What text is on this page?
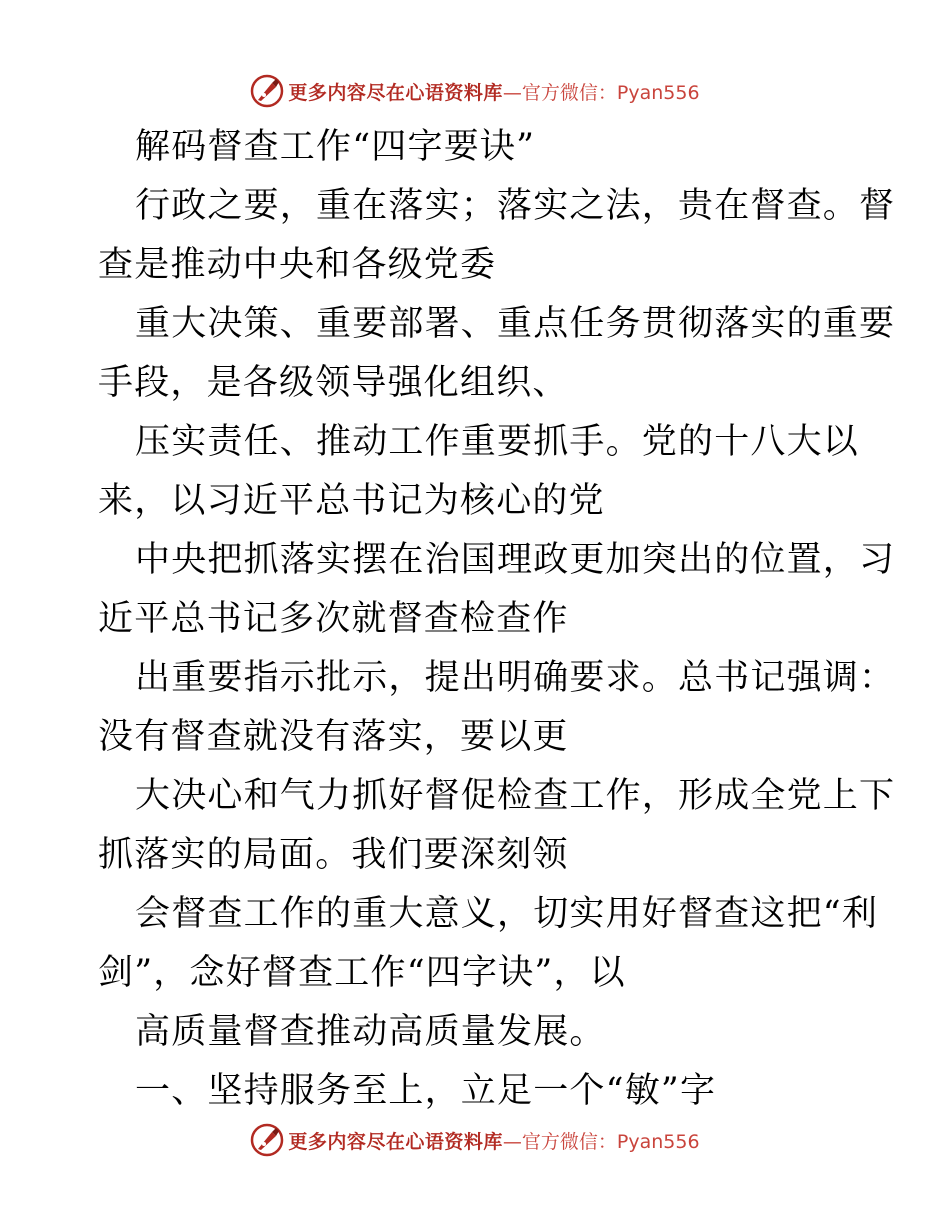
更多内容尽在心语资料库 —官方微信：Pyan556
解码督查工作“四字要诀”
行政之要，重在落实；落实之法，贵在督查。督
查是推动中央和各级党委
重大决策、重要部署、重点任务贯彻落实的重要
手段，是各级领导强化组织、
压实责任、推动工作重要抓手。党的十八大以
来，以习近平总书记为核心的党
中央把抓落实摆在治国理政更加突出的位置，习
近平总书记多次就督查检查作
出重要指示批示，提出明确要求。总书记强调：
没有督查就没有落实，要以更
大决心和气力抓好督促检查工作，形成全党上下
抓落实的局面。我们要深刻领
会督查工作的重大意义，切实用好督查这把“利
剑”，念好督查工作“四字诀”，以
高质量督查推动高质量发展。
一、坚持服务至上，立足一个“敏”字
更多内容尽在心语资料库 —官方微信：Pyan556
